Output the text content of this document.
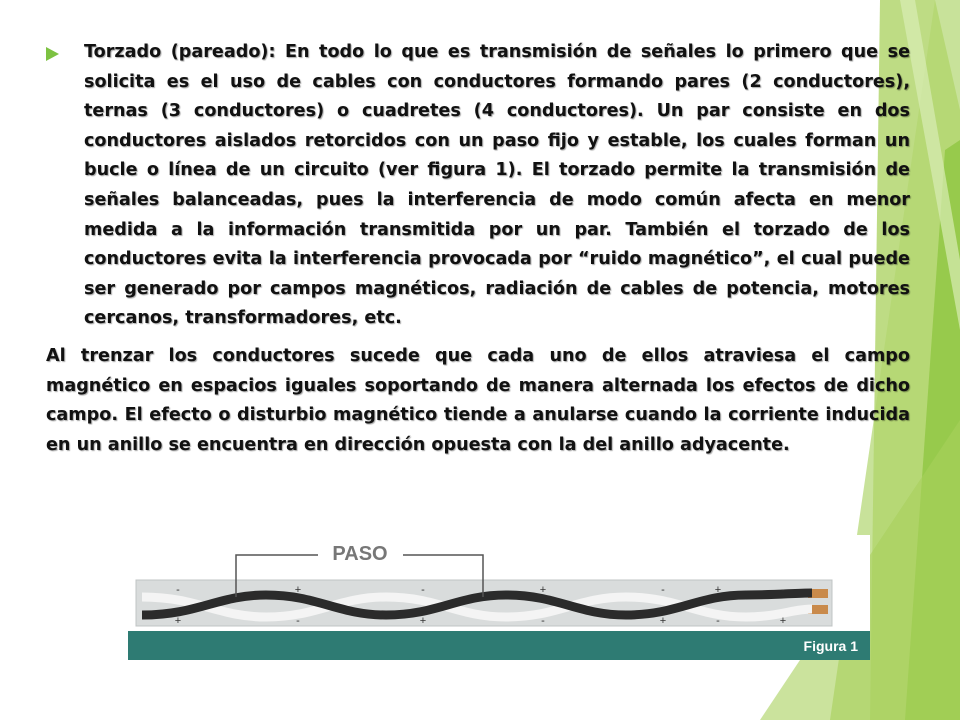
Torzado (pareado): En todo lo que es transmisión de señales lo primero que se solicita es el uso de cables con conductores formando pares (2 conductores), ternas (3 conductores) o cuadretes (4 conductores). Un par consiste en dos conductores aislados retorcidos con un paso fijo y estable, los cuales forman un bucle o línea de un circuito (ver figura 1). El torzado permite la transmisión de señales balanceadas, pues la interferencia de modo común afecta en menor medida a la información transmitida por un par. También el torzado de los conductores evita la interferencia provocada por “ruido magnético”, el cual puede ser generado por campos magnéticos, radiación de cables de potencia, motores cercanos, transformadores, etc.
Al trenzar los conductores sucede que cada uno de ellos atraviesa el campo magnético en espacios iguales soportando de manera alternada los efectos de dicho campo. El efecto o disturbio magnético tiende a anularse cuando la corriente inducida en un anillo se encuentra en dirección opuesta con la del anillo adyacente.
PASO
-	+	-	+	-	+	-
+	-	+	-	+	-	+
Figura 1
